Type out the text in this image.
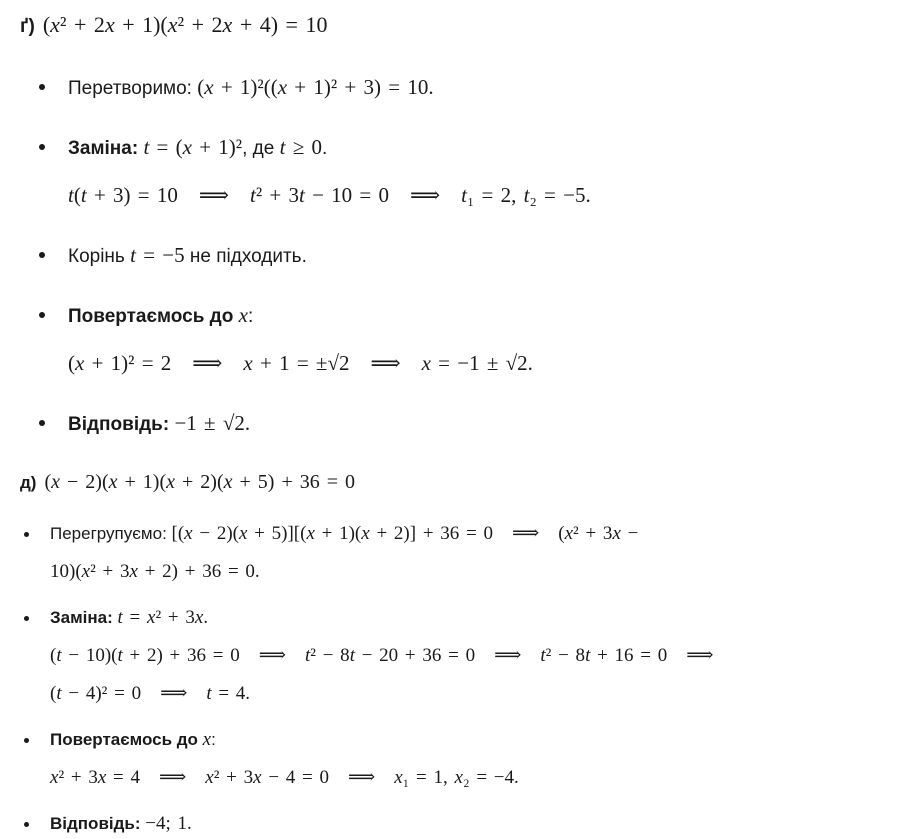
ґ) (x² + 2x + 1)(x² + 2x + 4) = 10
Перетворимо: (x + 1)²((x + 1)² + 3) = 10.
Заміна: t = (x + 1)², де t ≥ 0.
t(t + 3) = 10 ⟹ t² + 3t − 10 = 0 ⟹ t₁ = 2, t₂ = −5.
Корінь t = −5 не підходить.
Повертаємось до x:
(x + 1)² = 2 ⟹ x + 1 = ±√2 ⟹ x = −1 ± √2.
Відповідь: −1 ± √2.
д) (x − 2)(x + 1)(x + 2)(x + 5) + 36 = 0
Перегрупуємо: [(x − 2)(x + 5)][(x + 1)(x + 2)] + 36 = 0 ⟹ (x² + 3x −
10)(x² + 3x + 2) + 36 = 0.
Заміна: t = x² + 3x.
(t − 10)(t + 2) + 36 = 0 ⟹ t² − 8t − 20 + 36 = 0 ⟹ t² − 8t + 16 = 0 ⟹
(t − 4)² = 0 ⟹ t = 4.
Повертаємось до x:
x² + 3x = 4 ⟹ x² + 3x − 4 = 0 ⟹ x₁ = 1, x₂ = −4.
Відповідь: −4; 1.
